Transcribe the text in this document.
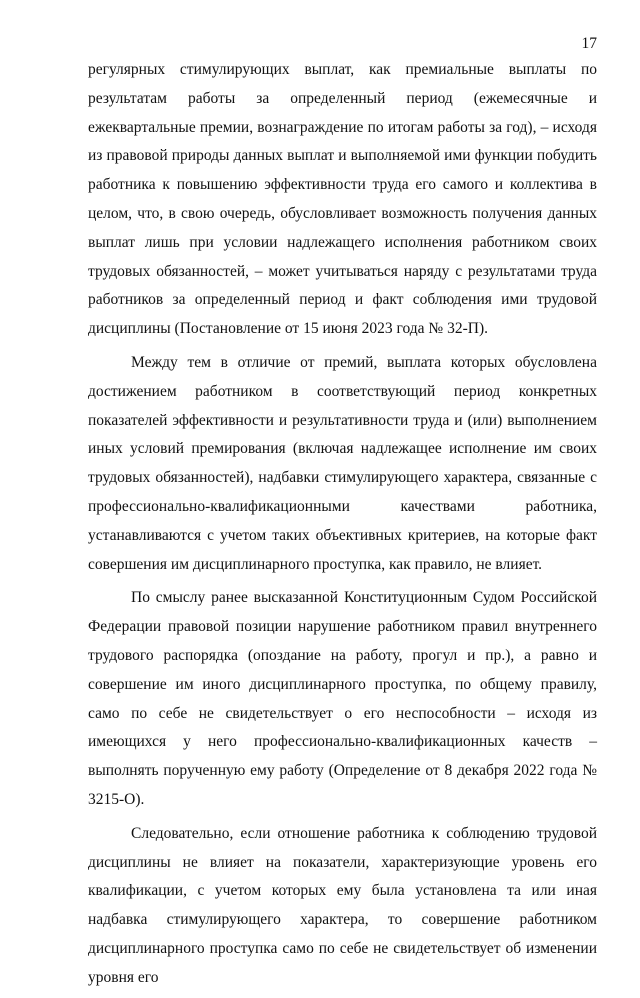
17

регулярных стимулирующих выплат, как премиальные выплаты по результатам работы за определенный период (ежемесячные и ежеквартальные премии, вознаграждение по итогам работы за год), – исходя из правовой природы данных выплат и выполняемой ими функции побудить работника к повышению эффективности труда его самого и коллектива в целом, что, в свою очередь, обусловливает возможность получения данных выплат лишь при условии надлежащего исполнения работником своих трудовых обязанностей, – может учитываться наряду с результатами труда работников за определенный период и факт соблюдения ими трудовой дисциплины (Постановление от 15 июня 2023 года № 32-П).

Между тем в отличие от премий, выплата которых обусловлена достижением работником в соответствующий период конкретных показателей эффективности и результативности труда и (или) выполнением иных условий премирования (включая надлежащее исполнение им своих трудовых обязанностей), надбавки стимулирующего характера, связанные с профессионально-квалификационными качествами работника, устанавливаются с учетом таких объективных критериев, на которые факт совершения им дисциплинарного проступка, как правило, не влияет.

По смыслу ранее высказанной Конституционным Судом Российской Федерации правовой позиции нарушение работником правил внутреннего трудового распорядка (опоздание на работу, прогул и пр.), а равно и совершение им иного дисциплинарного проступка, по общему правилу, само по себе не свидетельствует о его неспособности – исходя из имеющихся у него профессионально-квалификационных качеств – выполнять порученную ему работу (Определение от 8 декабря 2022 года № 3215-О).

Следовательно, если отношение работника к соблюдению трудовой дисциплины не влияет на показатели, характеризующие уровень его квалификации, с учетом которых ему была установлена та или иная надбавка стимулирующего характера, то совершение работником дисциплинарного проступка само по себе не свидетельствует об изменении уровня его
